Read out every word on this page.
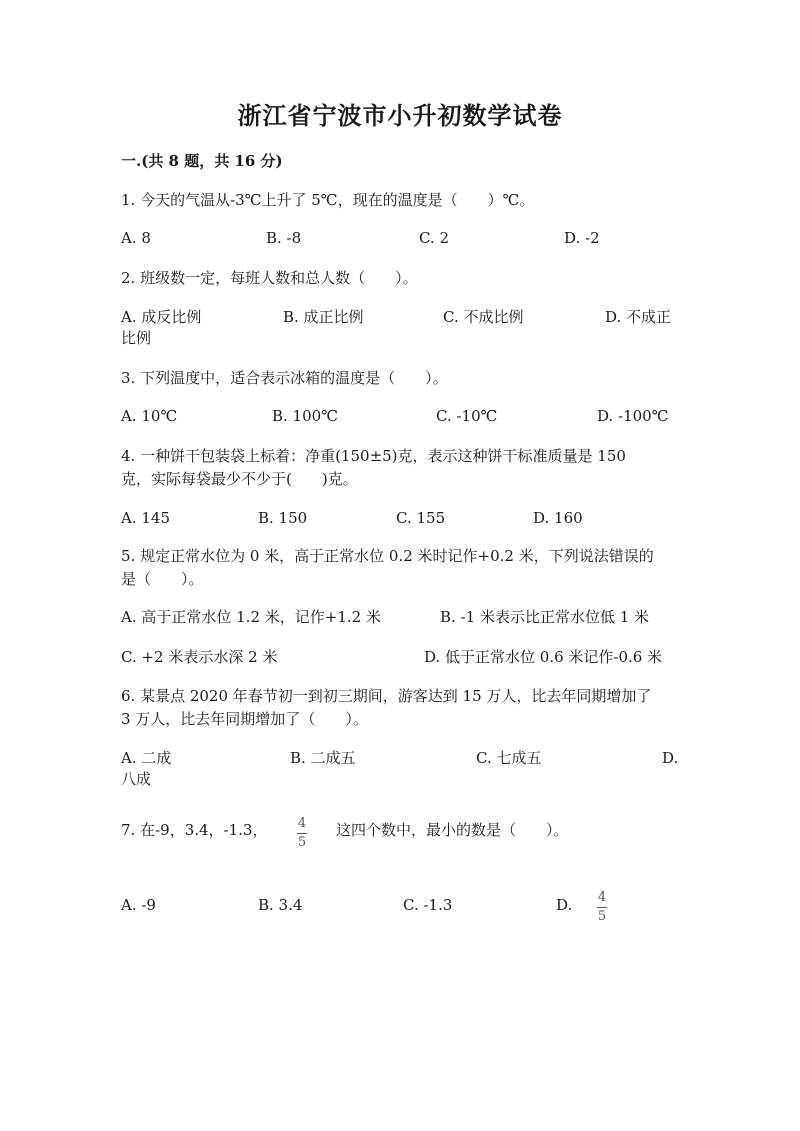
浙江省宁波市小升初数学试卷
一.(共 8 题，共 16 分)
1. 今天的气温从-3℃上升了 5℃，现在的温度是（　　）℃。
A. 8	B. -8	C. 2	D. -2
2. 班级数一定，每班人数和总人数（　　）。
A. 成反比例	B. 成正比例	C. 不成比例	D. 不成正
比例
3. 下列温度中，适合表示冰箱的温度是（　　）。
A. 10℃	B. 100℃	C. -10℃	D. -100℃
4. 一种饼干包装袋上标着：净重(150±5)克，表示这种饼干标准质量是 150
克，实际每袋最少不少于(　　)克。
A. 145	B. 150	C. 155	D. 160
5. 规定正常水位为 0 米，高于正常水位 0.2 米时记作+0.2 米，下列说法错误的
是（　　）。
A. 高于正常水位 1.2 米，记作+1.2 米	B. -1 米表示比正常水位低 1 米
C. +2 米表示水深 2 米	D. 低于正常水位 0.6 米记作-0.6 米
6. 某景点 2020 年春节初一到初三期间，游客达到 15 万人，比去年同期增加了
3 万人，比去年同期增加了（　　）。
A. 二成	B. 二成五	C. 七成五	D.
八成
7. 在-9，3.4，-1.3， 4
5
这四个数中，最小的数是（　　）。
A. -9	B. 3.4	C. -1.3	D. 4
5
